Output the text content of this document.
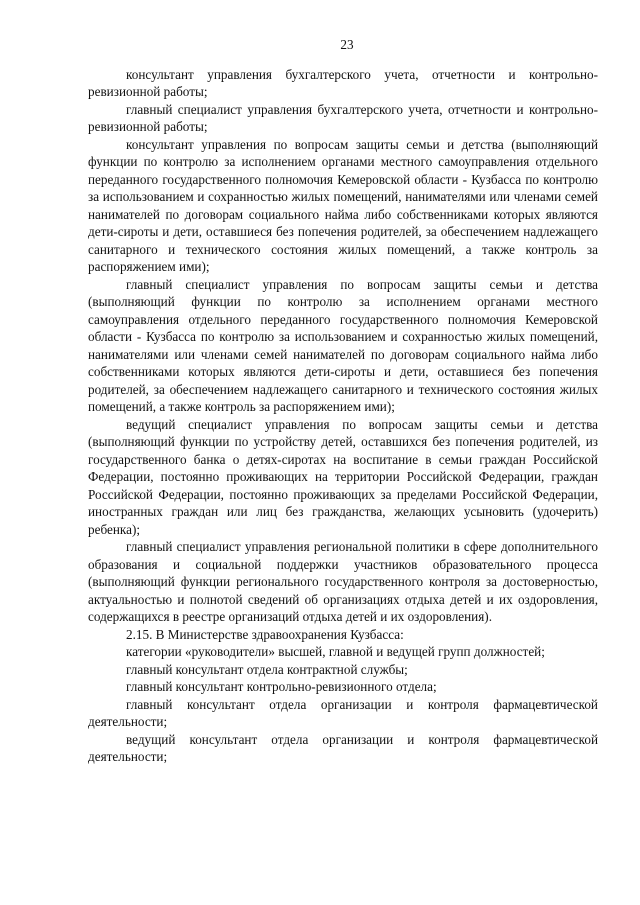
23

консультант управления бухгалтерского учета, отчетности и контрольно-ревизионной работы;

главный специалист управления бухгалтерского учета, отчетности и контрольно-ревизионной работы;

консультант управления по вопросам защиты семьи и детства (выполняющий функции по контролю за исполнением органами местного самоуправления отдельного переданного государственного полномочия Кемеровской области - Кузбасса по контролю за использованием и сохранностью жилых помещений, нанимателями или членами семей нанимателей по договорам социального найма либо собственниками которых являются дети-сироты и дети, оставшиеся без попечения родителей, за обеспечением надлежащего санитарного и технического состояния жилых помещений, а также контроль за распоряжением ими);

главный специалист управления по вопросам защиты семьи и детства (выполняющий функции по контролю за исполнением органами местного самоуправления отдельного переданного государственного полномочия Кемеровской области - Кузбасса по контролю за использованием и сохранностью жилых помещений, нанимателями или членами семей нанимателей по договорам социального найма либо собственниками которых являются дети-сироты и дети, оставшиеся без попечения родителей, за обеспечением надлежащего санитарного и технического состояния жилых помещений, а также контроль за распоряжением ими);

ведущий специалист управления по вопросам защиты семьи и детства (выполняющий функции по устройству детей, оставшихся без попечения родителей, из государственного банка о детях-сиротах на воспитание в семьи граждан Российской Федерации, постоянно проживающих на территории Российской Федерации, граждан Российской Федерации, постоянно проживающих за пределами Российской Федерации, иностранных граждан или лиц без гражданства, желающих усыновить (удочерить) ребенка);

главный специалист управления региональной политики в сфере дополнительного образования и социальной поддержки участников образовательного процесса (выполняющий функции регионального государственного контроля за достоверностью, актуальностью и полнотой сведений об организациях отдыха детей и их оздоровления, содержащихся в реестре организаций отдыха детей и их оздоровления).

2.15. В Министерстве здравоохранения Кузбасса:

категории «руководители» высшей, главной и ведущей групп должностей;

главный консультант отдела контрактной службы;

главный консультант контрольно-ревизионного отдела;

главный консультант отдела организации и контроля фармацевтической деятельности;

ведущий консультант отдела организации и контроля фармацевтической деятельности;
